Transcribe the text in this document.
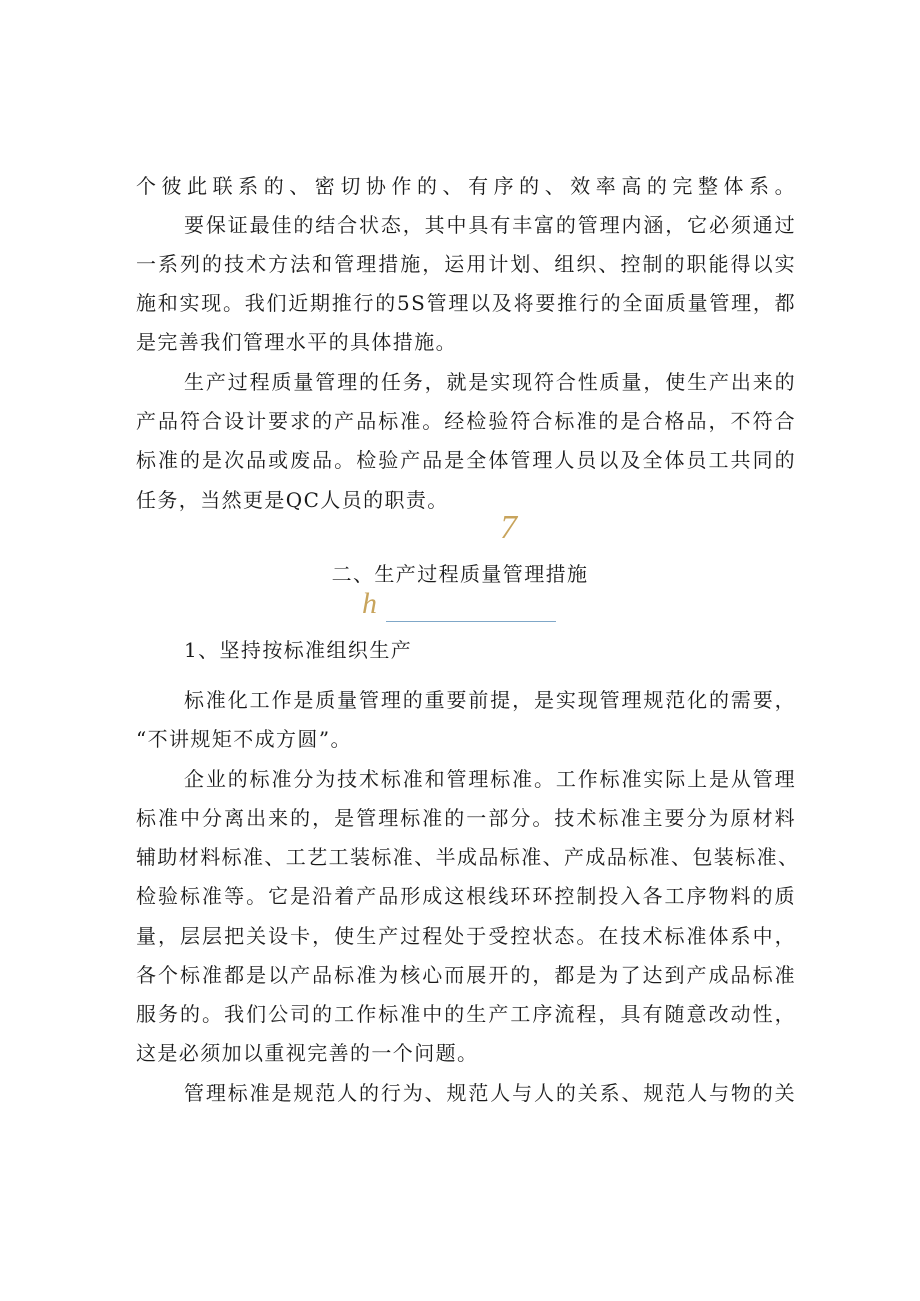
个彼此联系的、密切协作的、有序的、效率高的完整体系。
要保证最佳的结合状态，其中具有丰富的管理内涵，它必须通过
一系列的技术方法和管理措施，运用计划、组织、控制的职能得以实
施和实现。我们近期推行的5S管理以及将要推行的全面质量管理，都
是完善我们管理水平的具体措施。
生产过程质量管理的任务，就是实现符合性质量，使生产出来的
产品符合设计要求的产品标准。经检验符合标准的是合格品，不符合
标准的是次品或废品。检验产品是全体管理人员以及全体员工共同的
任务，当然更是QC人员的职责。
7
二、生产过程质量管理措施
h
1、坚持按标准组织生产
标准化工作是质量管理的重要前提，是实现管理规范化的需要，
“不讲规矩不成方圆”。
企业的标准分为技术标准和管理标准。工作标准实际上是从管理
标准中分离出来的，是管理标准的一部分。技术标准主要分为原材料
辅助材料标准、工艺工装标准、半成品标准、产成品标准、包装标准、
检验标准等。它是沿着产品形成这根线环环控制投入各工序物料的质
量，层层把关设卡，使生产过程处于受控状态。在技术标准体系中，
各个标准都是以产品标准为核心而展开的，都是为了达到产成品标准
服务的。我们公司的工作标准中的生产工序流程，具有随意改动性，
这是必须加以重视完善的一个问题。
管理标准是规范人的行为、规范人与人的关系、规范人与物的关
